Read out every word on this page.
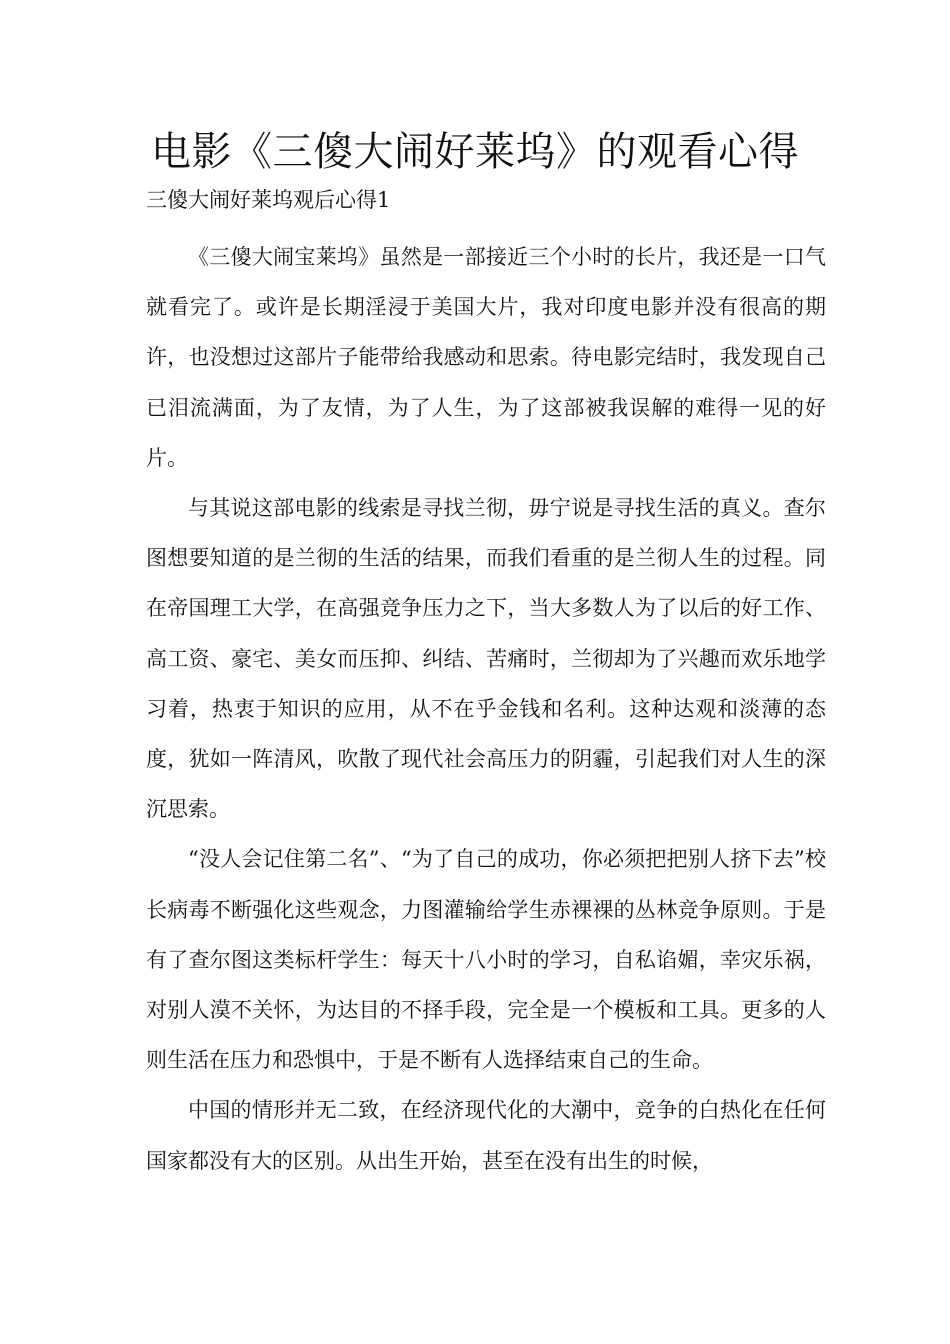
电影《三傻大闹好莱坞》的观看心得

三傻大闹好莱坞观后心得1

《三傻大闹宝莱坞》虽然是一部接近三个小时的长片，我还是一口气就看完了。或许是长期淫浸于美国大片，我对印度电影并没有很高的期许，也没想过这部片子能带给我感动和思索。待电影完结时，我发现自己已泪流满面，为了友情，为了人生，为了这部被我误解的难得一见的好片。

与其说这部电影的线索是寻找兰彻，毋宁说是寻找生活的真义。查尔图想要知道的是兰彻的生活的结果，而我们看重的是兰彻人生的过程。同在帝国理工大学，在高强竞争压力之下，当大多数人为了以后的好工作、高工资、豪宅、美女而压抑、纠结、苦痛时，兰彻却为了兴趣而欢乐地学习着，热衷于知识的应用，从不在乎金钱和名利。这种达观和淡薄的态度，犹如一阵清风，吹散了现代社会高压力的阴霾，引起我们对人生的深沉思索。

“没人会记住第二名”、“为了自己的成功，你必须把把别人挤下去”校长病毒不断强化这些观念，力图灌输给学生赤裸裸的丛林竞争原则。于是有了查尔图这类标杆学生：每天十八小时的学习，自私谄媚，幸灾乐祸，对别人漠不关怀，为达目的不择手段，完全是一个模板和工具。更多的人则生活在压力和恐惧中，于是不断有人选择结束自己的生命。

中国的情形并无二致，在经济现代化的大潮中，竞争的白热化在任何国家都没有大的区别。从出生开始，甚至在没有出生的时候，
